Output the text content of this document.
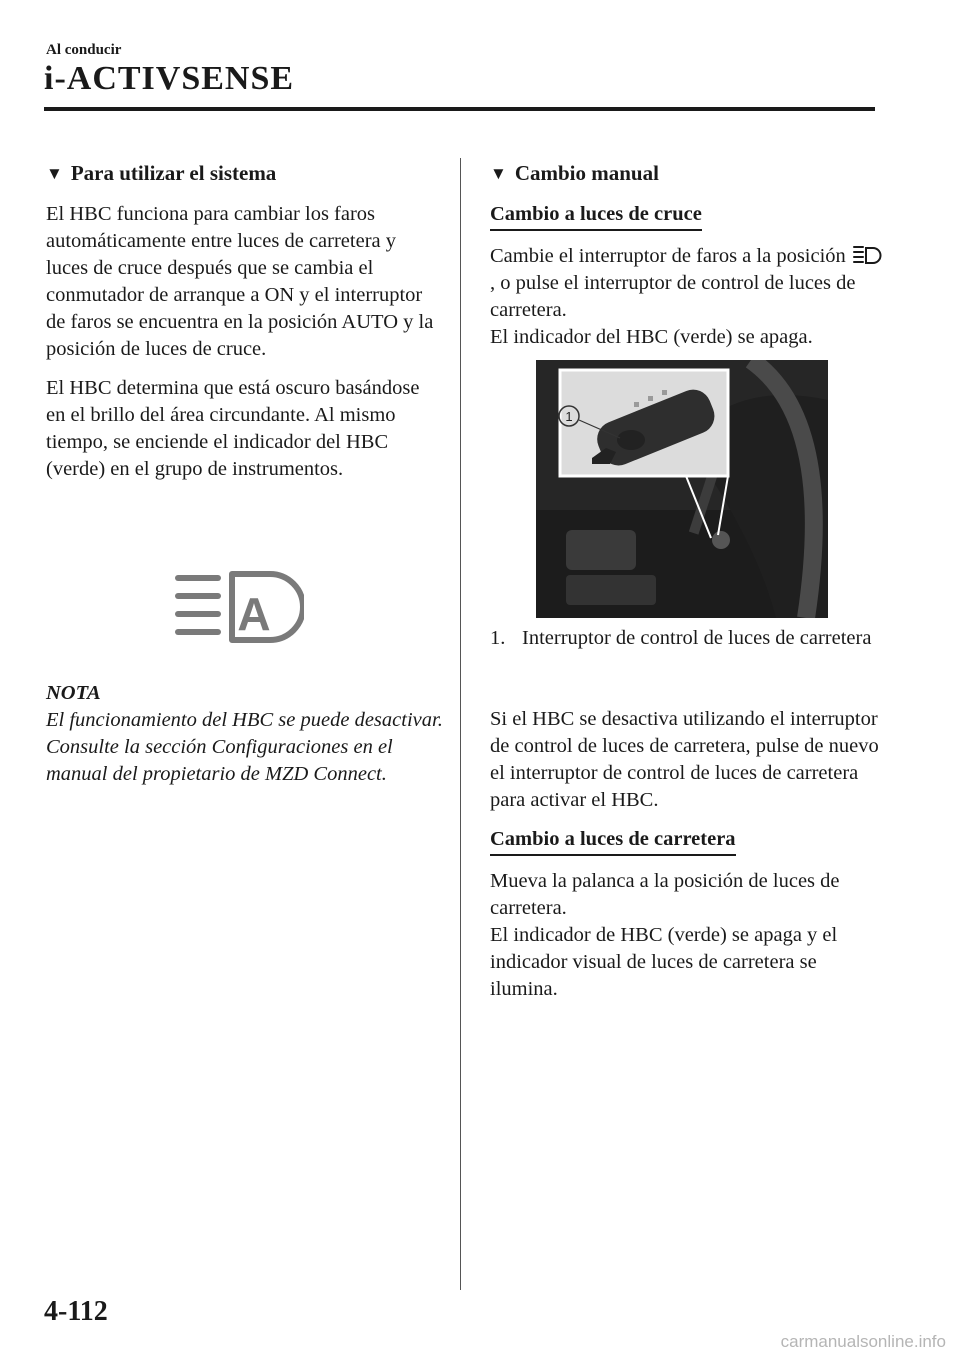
Al conducir
i-ACTIVSENSE
▼ Para utilizar el sistema

El HBC funciona para cambiar los faros automáticamente entre luces de carretera y luces de cruce después que se cambia el conmutador de arranque a ON y el interruptor de faros se encuentra en la posición AUTO y la posición de luces de cruce.

El HBC determina que está oscuro basándose en el brillo del área circundante. Al mismo tiempo, se enciende el indicador del HBC (verde) en el grupo de instrumentos.

A

NOTA

El funcionamiento del HBC se puede desactivar.
Consulte la sección Configuraciones en el manual del propietario de MZD Connect.
▼ Cambio manual
Cambio a luces de cruce

Cambie el interruptor de faros a la posición , o pulse el interruptor de control de luces de carretera.

El indicador del HBC (verde) se apaga.

1
1. Interruptor de control de luces de carretera

Si el HBC se desactiva utilizando el interruptor de control de luces de carretera, pulse de nuevo el interruptor de control de luces de carretera para activar el HBC.

Cambio a luces de carretera

Mueva la palanca a la posición de luces de carretera.

El indicador de HBC (verde) se apaga y el indicador visual de luces de carretera se ilumina.

4-112
carmanualsonline.info
